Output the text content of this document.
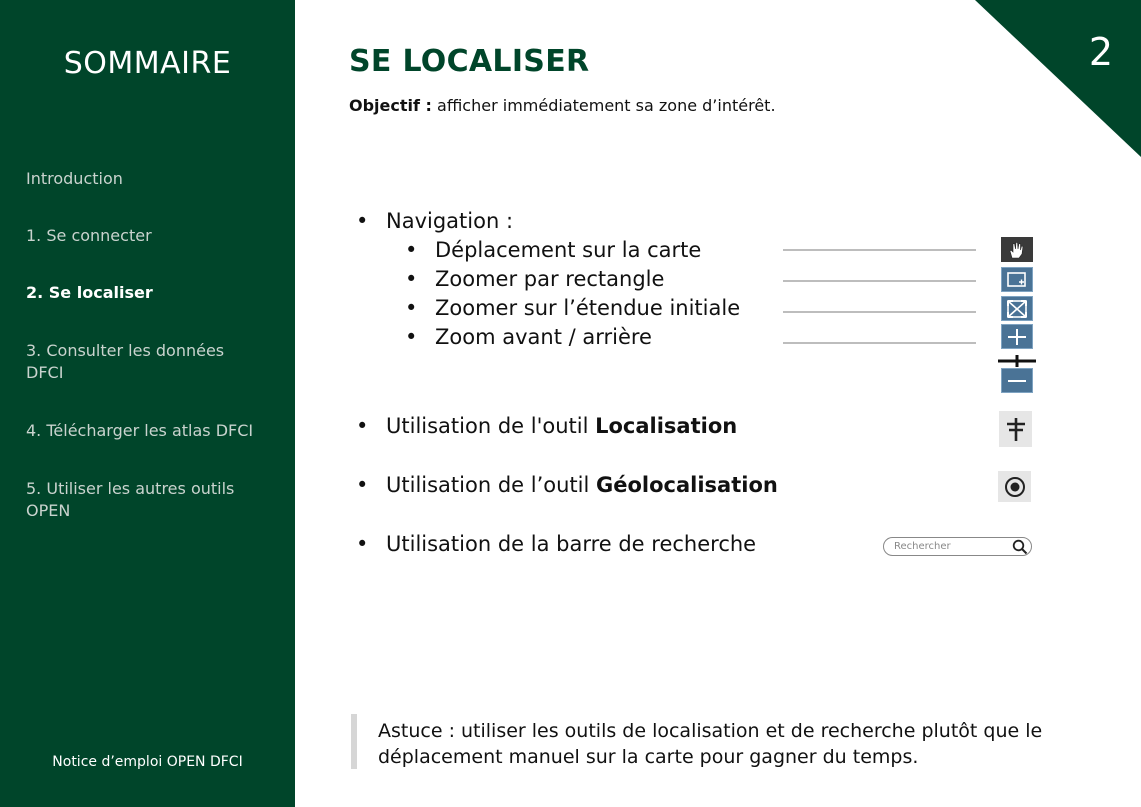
SOMMAIRE
Introduction
1. Se connecter
2. Se localiser
3. Consulter les données DFCI
4. Télécharger les atlas DFCI
5. Utiliser les autres outils OPEN
Notice d’emploi OPEN DFCI
2
SE LOCALISER
Objectif : afficher immédiatement sa zone d’intérêt.
• Navigation :
• Déplacement sur la carte
• Zoomer par rectangle
• Zoomer sur l’étendue initiale
• Zoom avant / arrière
• Utilisation de l'outil Localisation
• Utilisation de l’outil Géolocalisation
• Utilisation de la barre de recherche	Rechercher
Astuce : utiliser les outils de localisation et de recherche plutôt que le déplacement manuel sur la carte pour gagner du temps.
